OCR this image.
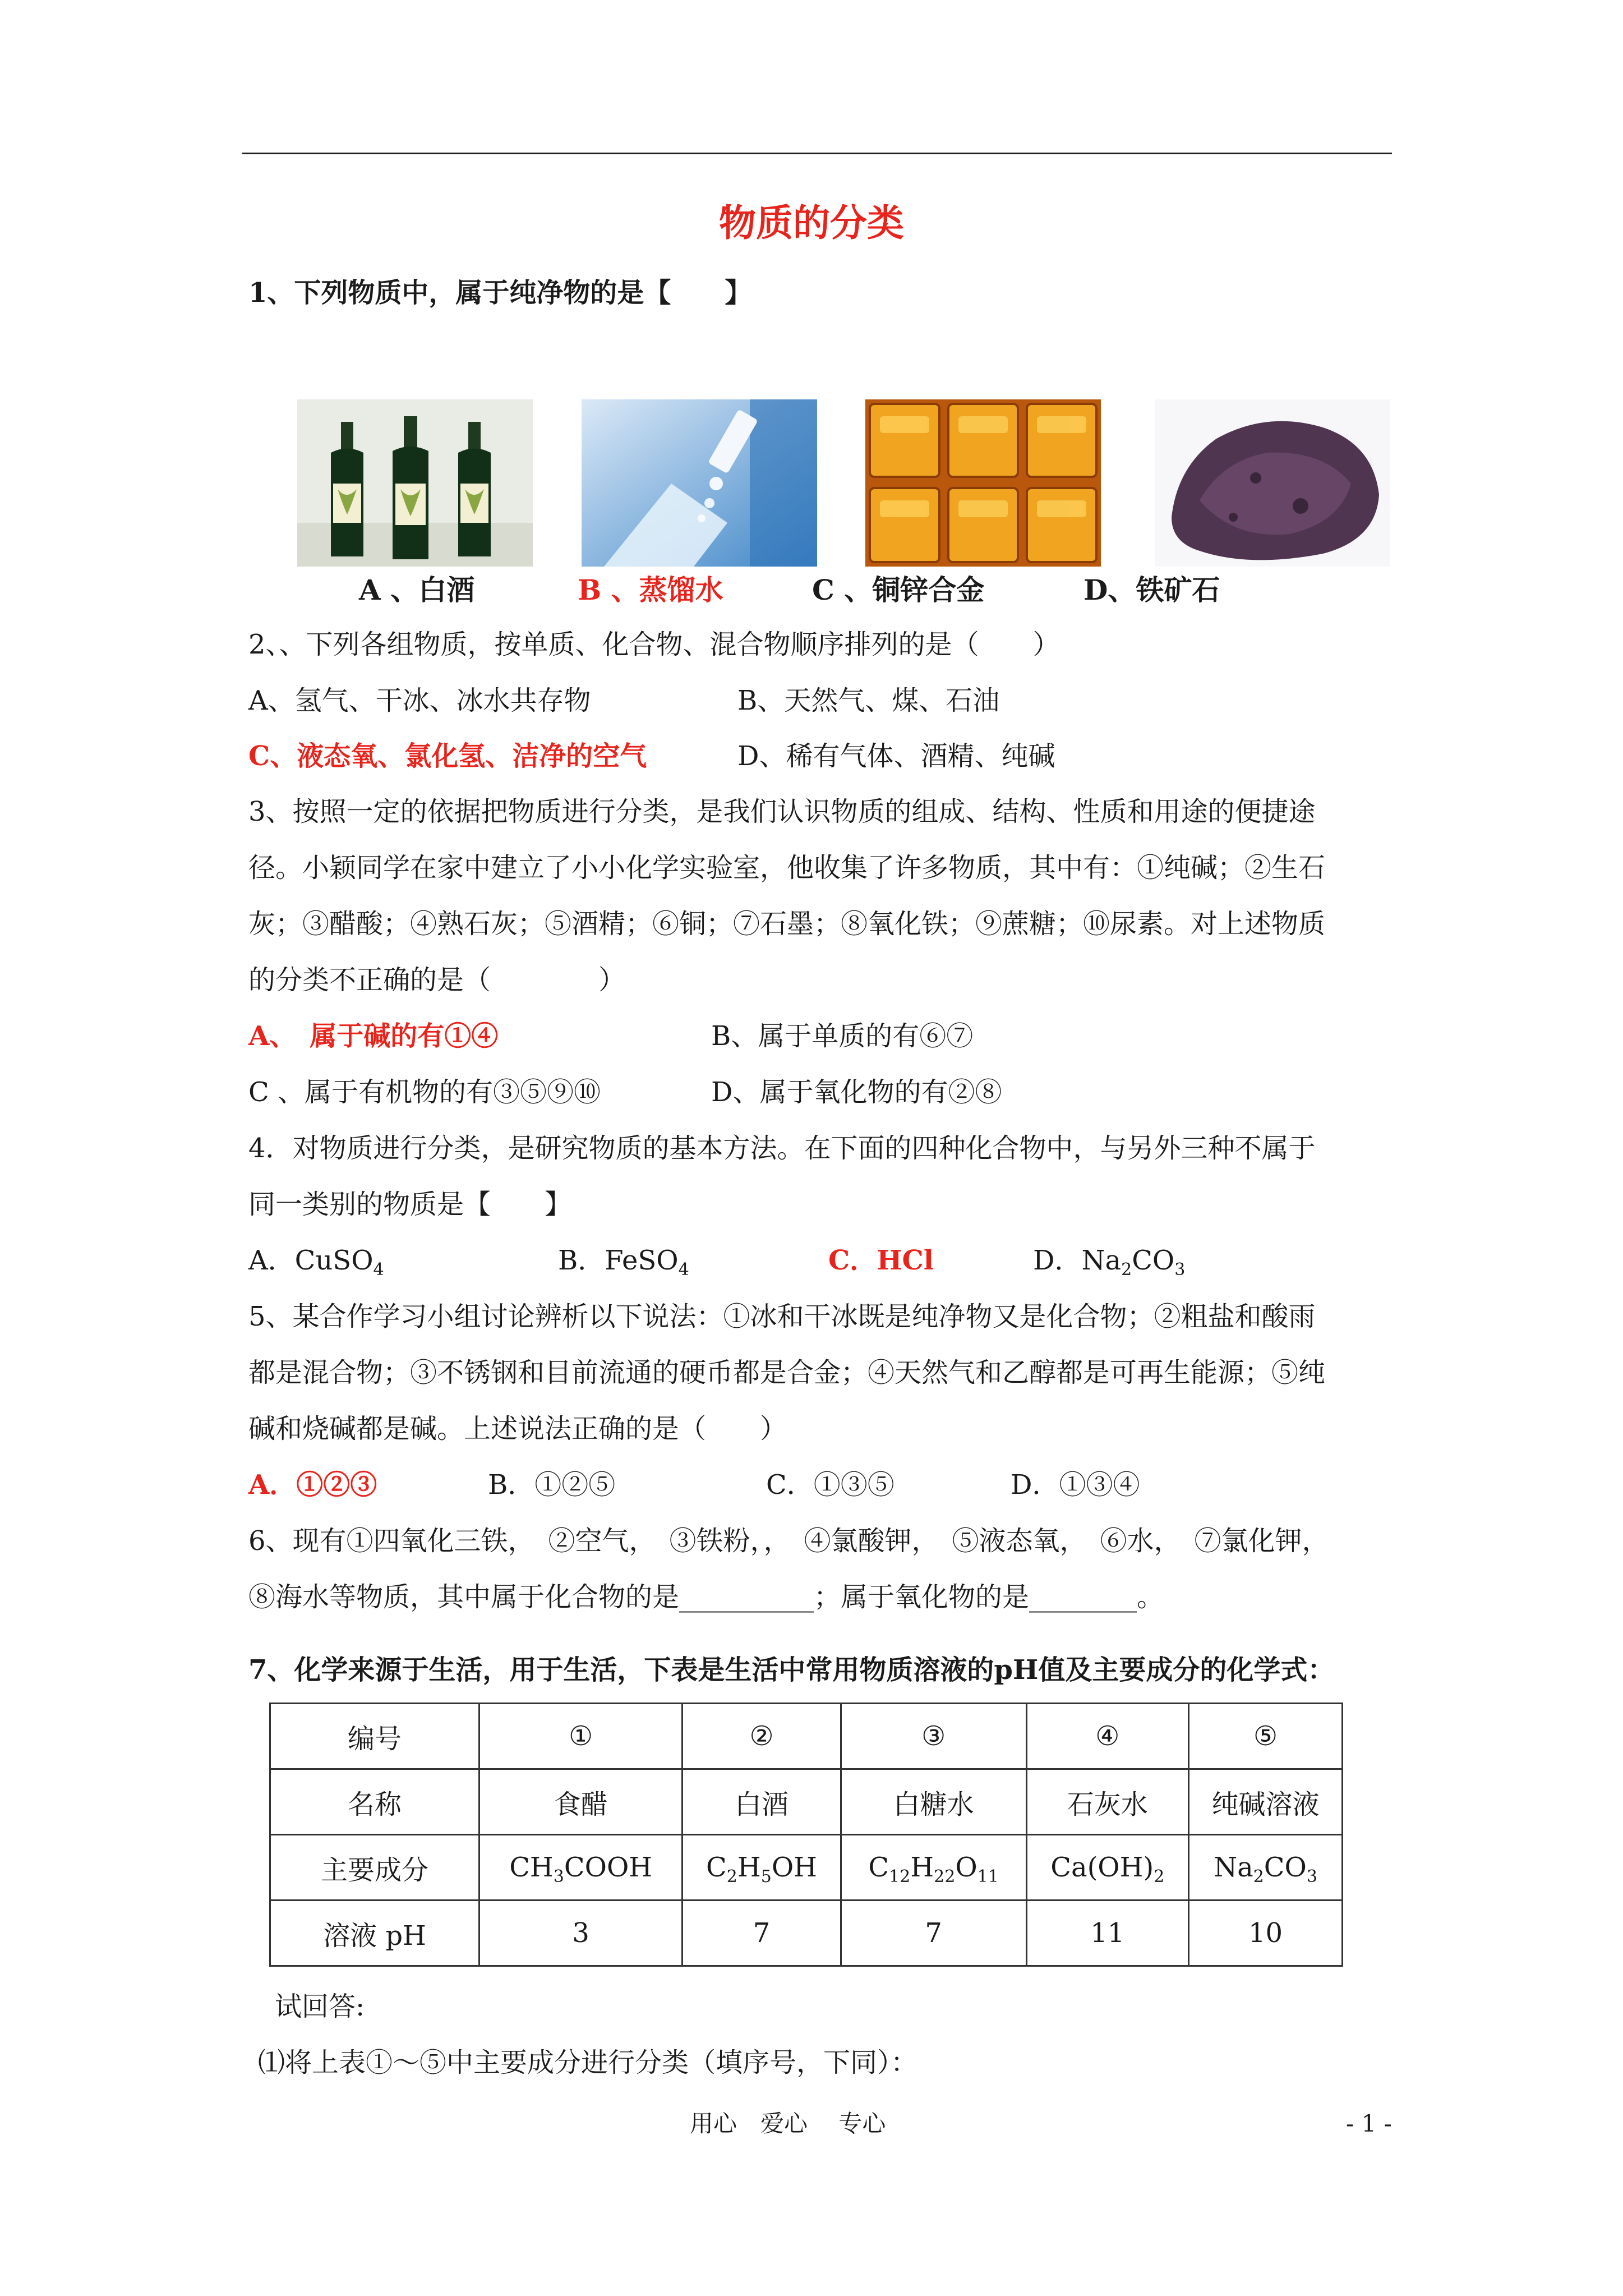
物质的分类
1、下列物质中，属于纯净物的是【　　】
A 、白酒	B 、蒸馏水	C 、铜锌合金	D、铁矿石
2、、下列各组物质，按单质、化合物、混合物顺序排列的是（　　）
A、氢气、干冰、冰水共存物	B、天然气、煤、石油
C、液态氧、氯化氢、洁净的空气	D、稀有气体、酒精、纯碱
3、按照一定的依据把物质进行分类，是我们认识物质的组成、结构、性质和用途的便捷途
径。小颖同学在家中建立了小小化学实验室，他收集了许多物质，其中有：①纯碱；②生石
灰；③醋酸；④熟石灰；⑤酒精；⑥铜；⑦石墨；⑧氧化铁；⑨蔗糖；⑩尿素。对上述物质
的分类不正确的是（　　　　）
A、　属于碱的有①④	B、属于单质的有⑥⑦
C 、属于有机物的有③⑤⑨⑩	D、属于氧化物的有②⑧
4．对物质进行分类，是研究物质的基本方法。在下面的四种化合物中，与另外三种不属于
同一类别的物质是【　　】
A．CuSO$_4$	B．FeSO$_4$	C．HCl	D．$Na_2CO_3$
5、某合作学习小组讨论辨析以下说法：①冰和干冰既是纯净物又是化合物；②粗盐和酸雨
都是混合物；③不锈钢和目前流通的硬币都是合金；④天然气和乙醇都是可再生能源；⑤纯
碱和烧碱都是碱。上述说法正确的是（　　）
A．①②③	B．①②⑤	C．①③⑤	D．①③④
6、现有①四氧化三铁，　②空气，　③铁粉，，　④氯酸钾，　⑤液态氧，　⑥水，　⑦氯化钾，
⑧海水等物质，其中属于化合物的是__________；属于氧化物的是________。
7、化学来源于生活，用于生活，下表是生活中常用物质溶液的pH值及主要成分的化学式：
编号	①	②	③	④	⑤
名称	食醋	白酒	白糖水	石灰水	纯碱溶液
主要成分	$CH_3COOH$	$C_2H_5OH$	$C_{12}H_{22}O_{11}$	$Ca(OH)_2$	$Na_2CO_3$
溶液 pH	3	7	7	11	10
试回答:
⑴将上表①～⑤中主要成分进行分类（填序号，下同）：
用心　爱心　 专心	- 1 -
